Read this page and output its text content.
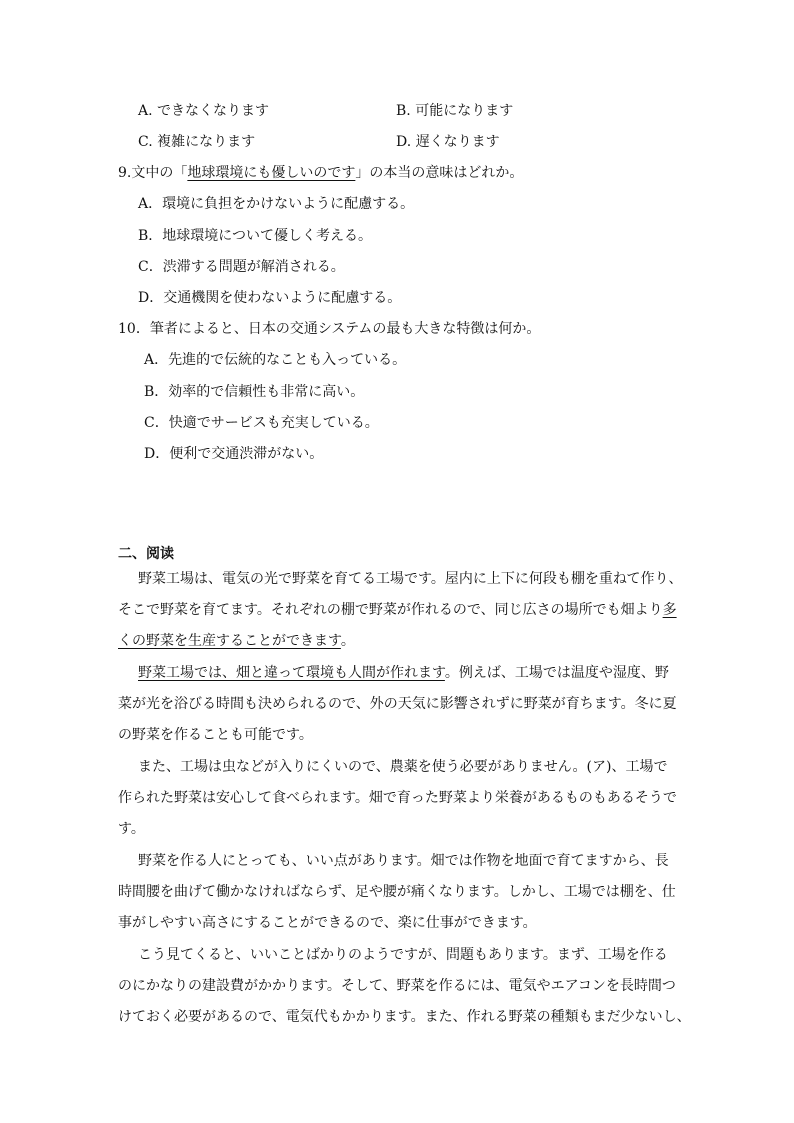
A. できなくなります	B. 可能になります
C. 複雑になります	D. 遅くなります
9.文中の「地球環境にも優しいのです」の本当の意味はどれか。
A．環境に負担をかけないように配慮する。
B．地球環境について優しく考える。
C．渋滞する問題が解消される。
D．交通機関を使わないように配慮する。
10．筆者によると、日本の交通システムの最も大きな特徴は何か。
A．先進的で伝統的なことも入っている。
B．効率的で信頼性も非常に高い。
C．快適でサービスも充実している。
D．便利で交通渋滞がない。
二、阅读
野菜工場は、電気の光で野菜を育てる工場です。屋内に上下に何段も棚を重ねて作り、
そこで野菜を育てます。それぞれの棚で野菜が作れるので、同じ広さの場所でも畑より多
くの野菜を生産することができます。
野菜工場では、畑と違って環境も人間が作れます。例えば、工場では温度や湿度、野
菜が光を浴びる時間も決められるので、外の天気に影響されずに野菜が育ちます。冬に夏
の野菜を作ることも可能です。
また、工場は虫などが入りにくいので、農薬を使う必要がありません。(ア)、工場で
作られた野菜は安心して食べられます。畑で育った野菜より栄養があるものもあるそうで
す。
野菜を作る人にとっても、いい点があります。畑では作物を地面で育てますから、長
時間腰を曲げて働かなければならず、足や腰が痛くなります。しかし、工場では棚を、仕
事がしやすい高さにすることができるので、楽に仕事ができます。
こう見てくると、いいことばかりのようですが、問題もあります。まず、工場を作る
のにかなりの建設費がかかります。そして、野菜を作るには、電気やエアコンを長時間つ
けておく必要があるので、電気代もかかります。また、作れる野菜の種類もまだ少ないし、
